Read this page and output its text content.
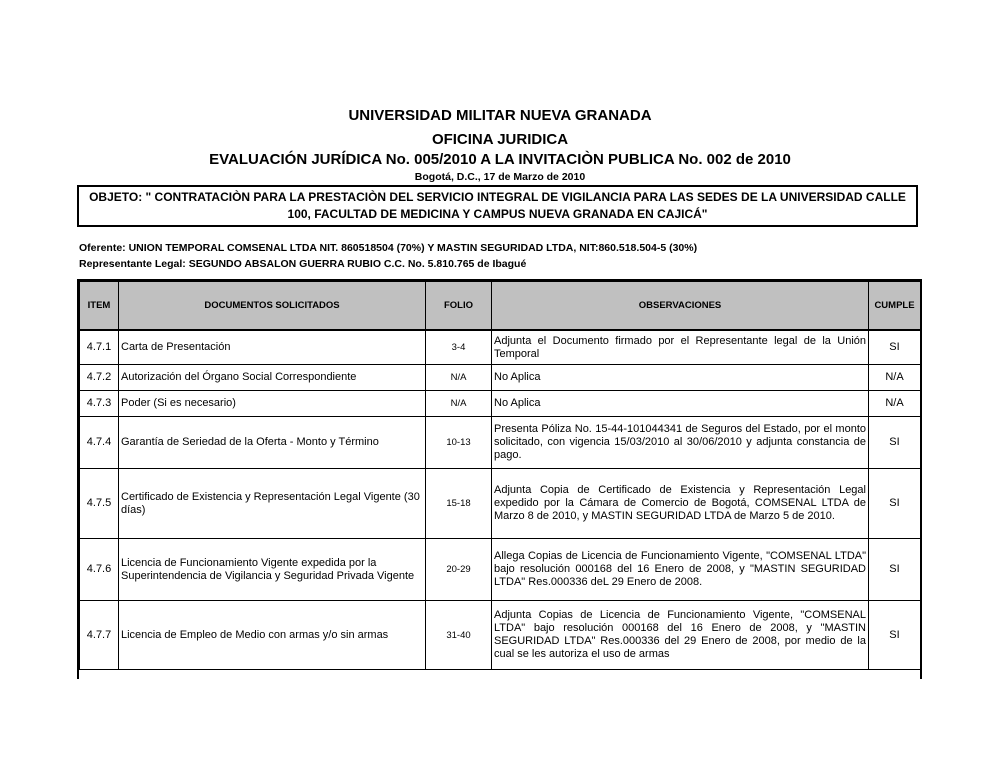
UNIVERSIDAD MILITAR NUEVA GRANADA
OFICINA JURIDICA
EVALUACIÓN JURÍDICA No. 005/2010 A LA INVITACIÒN PUBLICA No. 002 de 2010
Bogotá, D.C., 17 de Marzo de 2010
OBJETO: " CONTRATACIÒN PARA LA PRESTACIÒN DEL SERVICIO INTEGRAL DE VIGILANCIA PARA LAS SEDES DE LA UNIVERSIDAD CALLE 100, FACULTAD DE MEDICINA Y CAMPUS NUEVA GRANADA EN CAJICÁ"
Oferente: UNION TEMPORAL COMSENAL LTDA NIT. 860518504 (70%) Y MASTIN SEGURIDAD LTDA, NIT:860.518.504-5 (30%)
Representante Legal: SEGUNDO ABSALON GUERRA RUBIO C.C. No. 5.810.765 de Ibagué
ITEM	DOCUMENTOS SOLICITADOS	FOLIO	OBSERVACIONES	CUMPLE
4.7.1	Carta de Presentación	3-4	Adjunta el Documento firmado por el Representante legal de la Unión Temporal	SI
4.7.2	Autorización del Órgano Social Correspondiente	N/A	No Aplica	N/A
4.7.3	Poder (Si es necesario)	N/A	No Aplica	N/A
4.7.4	Garantía de Seriedad de la Oferta - Monto y Término	10-13	Presenta Póliza No. 15-44-101044341 de Seguros del Estado, por el monto solicitado, con vigencia 15/03/2010 al 30/06/2010 y adjunta constancia de pago.	SI
4.7.5	Certificado de Existencia y Representación Legal Vigente (30 días)	15-18	Adjunta Copia de Certificado de Existencia y Representación Legal expedido por la Cámara de Comercio de Bogotá, COMSENAL LTDA de Marzo 8 de 2010, y MASTIN SEGURIDAD LTDA de Marzo 5 de 2010.	SI
4.7.6	Licencia de Funcionamiento Vigente expedida por la Superintendencia de Vigilancia y Seguridad Privada Vigente	20-29	Allega Copias de Licencia de Funcionamiento Vigente, "COMSENAL LTDA" bajo resolución 000168 del 16 Enero de 2008, y "MASTIN SEGURIDAD LTDA" Res.000336 deL 29 Enero de 2008.	SI
4.7.7	Licencia de Empleo de Medio con armas y/o sin armas	31-40	Adjunta Copias de Licencia de Funcionamiento Vigente, "COMSENAL LTDA" bajo resolución 000168 del 16 Enero de 2008, y "MASTIN SEGURIDAD LTDA" Res.000336 del 29 Enero de 2008, por medio de la cual se les autoriza el uso de armas	SI
